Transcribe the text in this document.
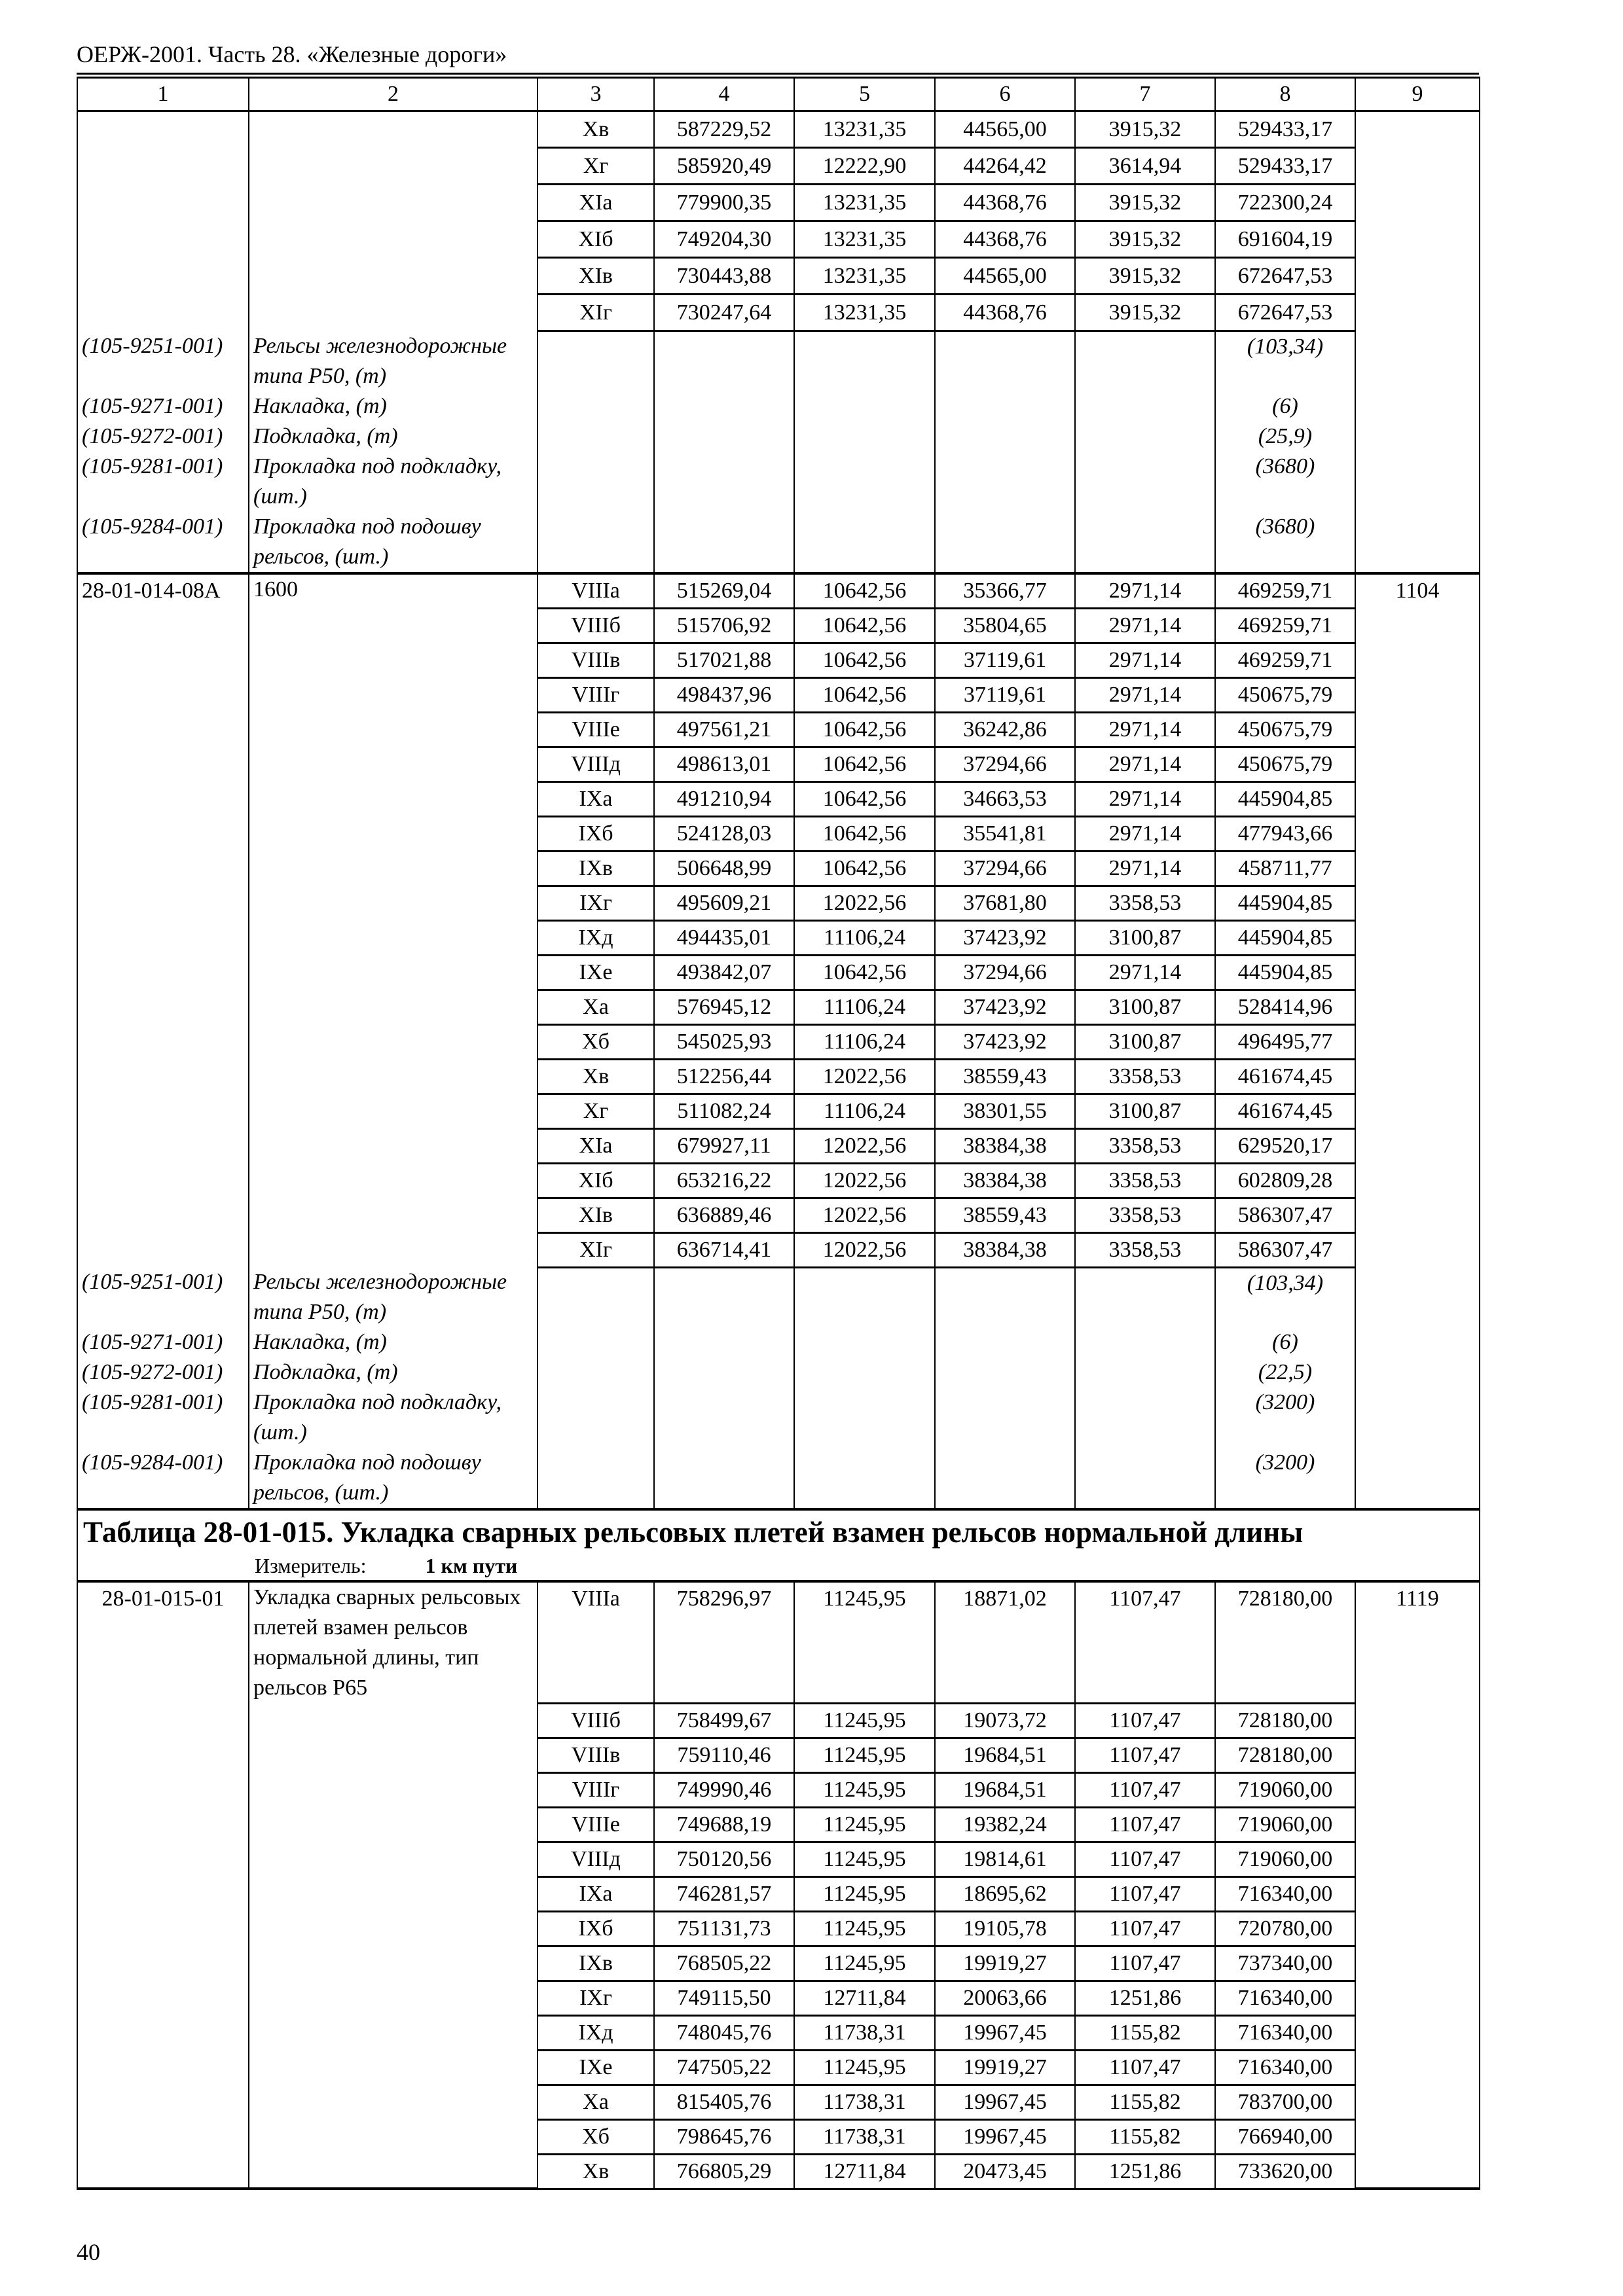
ОЕРЖ-2001. Часть 28. «Железные дороги»
1	2	3	4	5	6	7	8	9
		Хв	587229,52	13231,35	44565,00	3915,32	529433,17	
		Хг	585920,49	12222,90	44264,42	3614,94	529433,17	
		ХIа	779900,35	13231,35	44368,76	3915,32	722300,24	
		ХIб	749204,30	13231,35	44368,76	3915,32	691604,19	
		ХIв	730443,88	13231,35	44565,00	3915,32	672647,53	
		ХIг	730247,64	13231,35	44368,76	3915,32	672647,53	
(105-9251-001)	Рельсы железнодорожные типа Р50, (т)						(103,34)	
(105-9271-001)	Накладка, (т)						(6)	
(105-9272-001)	Подкладка, (т)						(25,9)	
(105-9281-001)	Прокладка под подкладку, (шт.)						(3680)	
(105-9284-001)	Прокладка под подошву рельсов, (шт.)						(3680)	
28-01-014-08А	1600	VIIIа	515269,04	10642,56	35366,77	2971,14	469259,71	1104
		VIIIб	515706,92	10642,56	35804,65	2971,14	469259,71	
		VIIIв	517021,88	10642,56	37119,61	2971,14	469259,71	
		VIIIг	498437,96	10642,56	37119,61	2971,14	450675,79	
		VIIIе	497561,21	10642,56	36242,86	2971,14	450675,79	
		VIIIд	498613,01	10642,56	37294,66	2971,14	450675,79	
		IХа	491210,94	10642,56	34663,53	2971,14	445904,85	
		IХб	524128,03	10642,56	35541,81	2971,14	477943,66	
		IХв	506648,99	10642,56	37294,66	2971,14	458711,77	
		IХг	495609,21	12022,56	37681,80	3358,53	445904,85	
		IХд	494435,01	11106,24	37423,92	3100,87	445904,85	
		IХе	493842,07	10642,56	37294,66	2971,14	445904,85	
		Ха	576945,12	11106,24	37423,92	3100,87	528414,96	
		Хб	545025,93	11106,24	37423,92	3100,87	496495,77	
		Хв	512256,44	12022,56	38559,43	3358,53	461674,45	
		Хг	511082,24	11106,24	38301,55	3100,87	461674,45	
		ХIа	679927,11	12022,56	38384,38	3358,53	629520,17	
		ХIб	653216,22	12022,56	38384,38	3358,53	602809,28	
		ХIв	636889,46	12022,56	38559,43	3358,53	586307,47	
		ХIг	636714,41	12022,56	38384,38	3358,53	586307,47	
(105-9251-001)	Рельсы железнодорожные типа Р50, (т)						(103,34)	
(105-9271-001)	Накладка, (т)						(6)	
(105-9272-001)	Подкладка, (т)						(22,5)	
(105-9281-001)	Прокладка под подкладку, (шт.)						(3200)	
(105-9284-001)	Прокладка под подошву рельсов, (шт.)						(3200)	

Таблица 28-01-015. Укладка сварных рельсовых плетей взамен рельсов нормальной длины
Измеритель: 1 км пути								

28-01-015-01	Укладка сварных рельсовых плетей взамен рельсов нормальной длины, тип рельсов Р65	VIIIа	758296,97	11245,95	18871,02	1107,47	728180,00	1119
		VIIIб	758499,67	11245,95	19073,72	1107,47	728180,00	
		VIIIв	759110,46	11245,95	19684,51	1107,47	728180,00	
		VIIIг	749990,46	11245,95	19684,51	1107,47	719060,00	
		VIIIе	749688,19	11245,95	19382,24	1107,47	719060,00	
		VIIIд	750120,56	11245,95	19814,61	1107,47	719060,00	
		IХа	746281,57	11245,95	18695,62	1107,47	716340,00	
		IХб	751131,73	11245,95	19105,78	1107,47	720780,00	
		IХв	768505,22	11245,95	19919,27	1107,47	737340,00	
		IХг	749115,50	12711,84	20063,66	1251,86	716340,00	
		IХд	748045,76	11738,31	19967,45	1155,82	716340,00	
		IХе	747505,22	11245,95	19919,27	1107,47	716340,00	
		Ха	815405,76	11738,31	19967,45	1155,82	783700,00	
		Хб	798645,76	11738,31	19967,45	1155,82	766940,00	
		Хв	766805,29	12711,84	20473,45	1251,86	733620,00	
40
